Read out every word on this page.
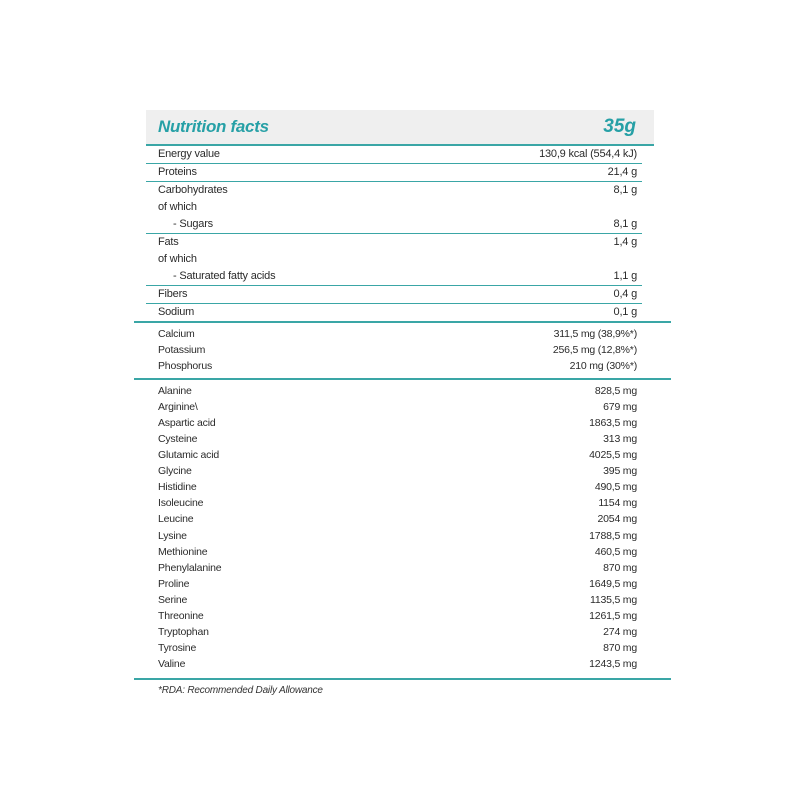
Nutrition facts	35g
Energy value	130,9 kcal (554,4 kJ)
Proteins	21,4 g
Carbohydrates	8,1 g
of which
- Sugars	8,1 g
Fats	1,4 g
of which
- Saturated fatty acids	1,1 g
Fibers	0,4 g
Sodium	0,1 g
Calcium	311,5 mg (38,9%*)
Potassium	256,5 mg (12,8%*)
Phosphorus	210 mg (30%*)
Alanine	828,5 mg
Arginine\	679 mg
Aspartic acid	1863,5 mg
Cysteine	313 mg
Glutamic acid	4025,5 mg
Glycine	395 mg
Histidine	490,5 mg
Isoleucine	1154 mg
Leucine	2054 mg
Lysine	1788,5 mg
Methionine	460,5 mg
Phenylalanine	870 mg
Proline	1649,5 mg
Serine	1135,5 mg
Threonine	1261,5 mg
Tryptophan	274 mg
Tyrosine	870 mg
Valine	1243,5 mg
*RDA: Recommended Daily Allowance
